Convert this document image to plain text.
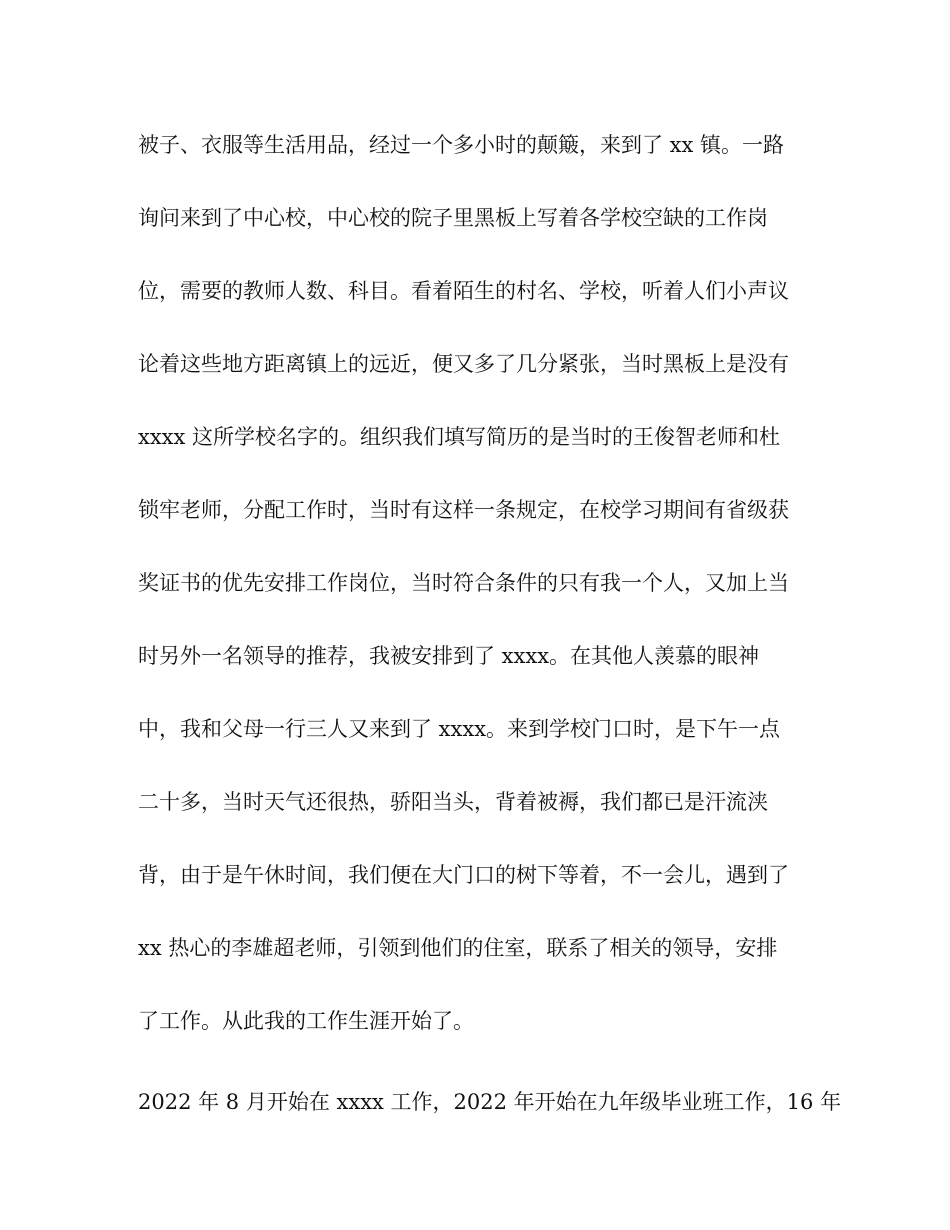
被子、衣服等生活用品，经过一个多小时的颠簸，来到了 xx 镇。一路
询问来到了中心校，中心校的院子里黑板上写着各学校空缺的工作岗
位，需要的教师人数、科目。看着陌生的村名、学校，听着人们小声议
论着这些地方距离镇上的远近，便又多了几分紧张，当时黑板上是没有
xxxx 这所学校名字的。组织我们填写简历的是当时的王俊智老师和杜
锁牢老师，分配工作时，当时有这样一条规定，在校学习期间有省级获
奖证书的优先安排工作岗位，当时符合条件的只有我一个人，又加上当
时另外一名领导的推荐，我被安排到了 xxxx。在其他人羡慕的眼神
中，我和父母一行三人又来到了 xxxx。来到学校门口时，是下午一点
二十多，当时天气还很热，骄阳当头，背着被褥，我们都已是汗流浃
背，由于是午休时间，我们便在大门口的树下等着，不一会儿，遇到了
xx 热心的李雄超老师，引领到他们的住室，联系了相关的领导，安排
了工作。从此我的工作生涯开始了。
2022 年 8 月开始在 xxxx 工作，2022 年开始在九年级毕业班工作，16 年
